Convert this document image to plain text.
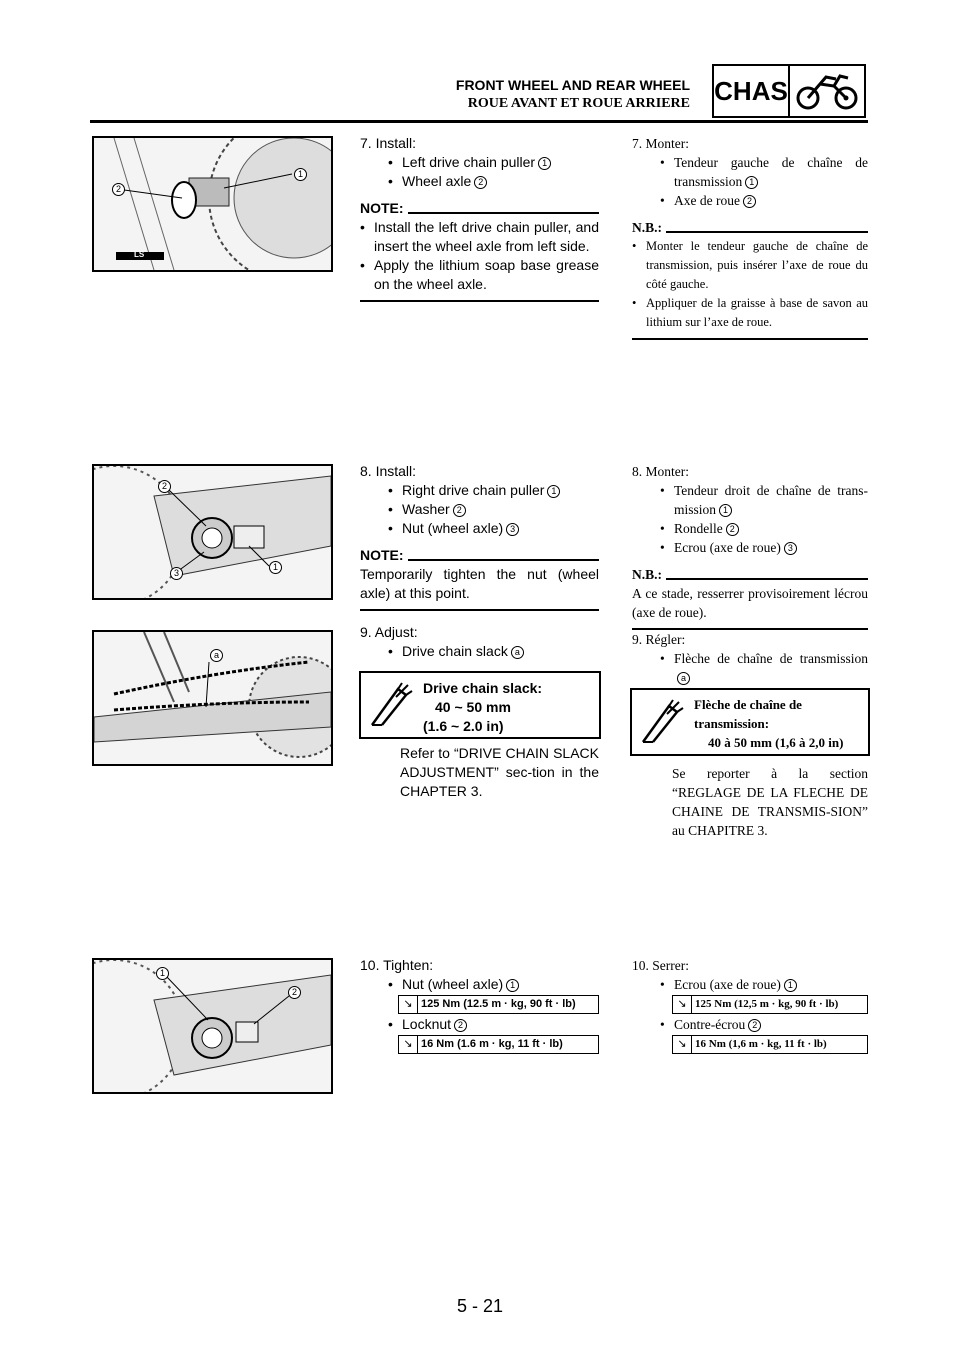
FRONT WHEEL AND REAR WHEEL
ROUE AVANT ET ROUE ARRIERE CHAS
2
1
LS
7. Install:
• Left drive chain puller 1
• Wheel axle 2
NOTE:
• Install the left drive chain puller, and insert the wheel axle from left side.
• Apply the lithium soap base grease on the wheel axle.
7. Monter:
• Tendeur gauche de chaîne de transmission 1
• Axe de roue 2
N.B.:
• Monter le tendeur gauche de chaîne de transmission, puis insérer l’axe de roue du côté gauche.
• Appliquer de la graisse à base de savon au lithium sur l’axe de roue.
2
3
1
8. Install:
• Right drive chain puller 1
• Washer 2
• Nut (wheel axle) 3
NOTE:
Temporarily tighten the nut (wheel axle) at this point.
8. Monter:
• Tendeur droit de chaîne de trans-mission 1
• Rondelle 2
• Ecrou (axe de roue) 3
N.B.:
A ce stade, resserrer provisoirement lécrou (axe de roue).
a
9. Adjust:
• Drive chain slack a
Drive chain slack:
40 ~ 50 mm
(1.6 ~ 2.0 in)
Refer to “DRIVE CHAIN SLACK ADJUSTMENT” sec-tion in the CHAPTER 3.
9. Régler:
• Flèche de chaîne de transmissiona
Flèche de chaîne de
transmission:
40 à 50 mm (1,6 à 2,0 in)
Se reporter à la section “REGLAGE DE LA FLECHE DE CHAINE DE TRANSMIS-SION” au CHAPITRE 3.
1
2
10. Tighten:
• Nut (wheel axle) 1
↘ 125 Nm (12.5 m · kg, 90 ft · lb)
• Locknut 2
↘ 16 Nm (1.6 m · kg, 11 ft · lb)
10. Serrer:
• Ecrou (axe de roue) 1
↘ 125 Nm (12,5 m · kg, 90 ft · lb)
• Contre-écrou 2
↘ 16 Nm (1,6 m · kg, 11 ft · lb)
5 - 21
